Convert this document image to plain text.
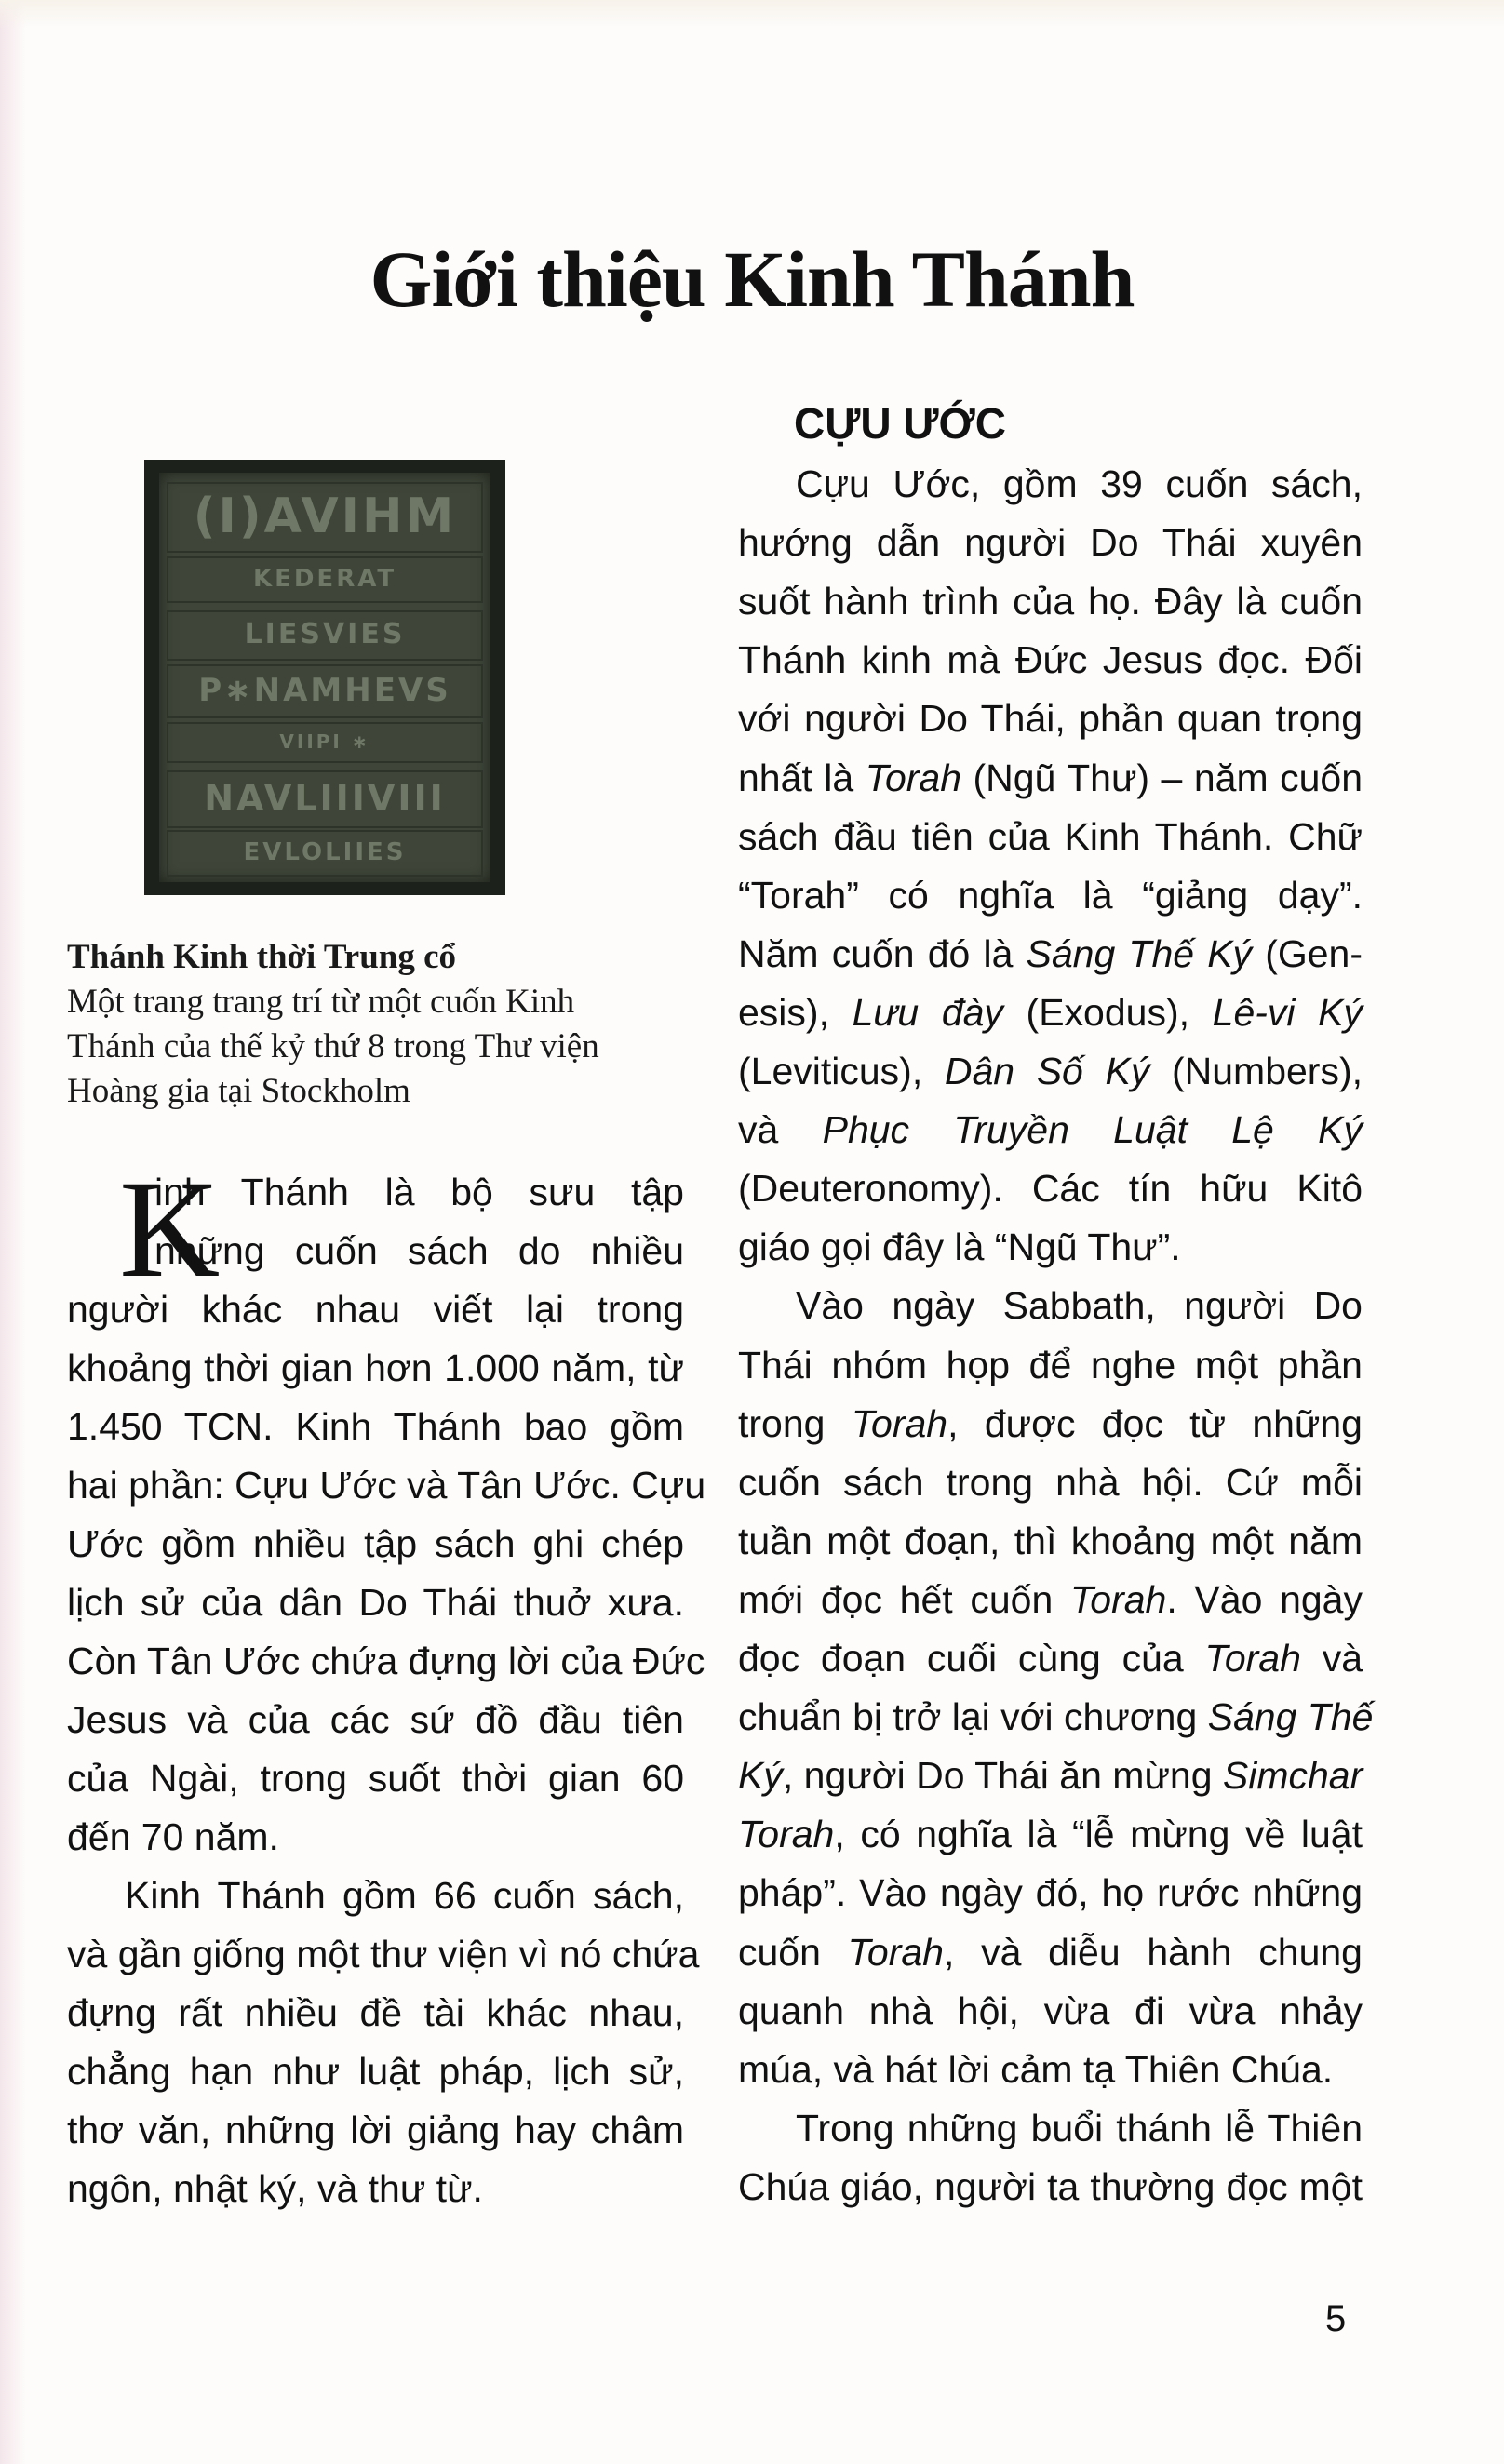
Giới thiệu Kinh Thánh
(I)AVIHM
KEDERAT
LIESVIES
P∗NAMHEVS
VIIPI ∗
NAVLIIIVIII
EVLOLIIES
Thánh Kinh thời Trung cổ
Một trang trang trí từ một cuốn Kinh
Thánh của thế kỷ thứ 8 trong Thư viện
Hoàng gia tại Stockholm
K
inh Thánh là bộ sưu tập
những cuốn sách do nhiều
người khác nhau viết lại trong
khoảng thời gian hơn 1.000 năm, từ
1.450 TCN. Kinh Thánh bao gồm
hai phần: Cựu Ước và Tân Ước. Cựu
Ước gồm nhiều tập sách ghi chép
lịch sử của dân Do Thái thuở xưa.
Còn Tân Ước chứa đựng lời của Đức
Jesus và của các sứ đồ đầu tiên
của Ngài, trong suốt thời gian 60
đến 70 năm.
Kinh Thánh gồm 66 cuốn sách,
và gần giống một thư viện vì nó chứa
đựng rất nhiều đề tài khác nhau,
chẳng hạn như luật pháp, lịch sử,
thơ văn, những lời giảng hay châm
ngôn, nhật ký, và thư từ.
CỰU ƯỚC
Cựu Ước, gồm 39 cuốn sách,
hướng dẫn người Do Thái xuyên
suốt hành trình của họ. Đây là cuốn
Thánh kinh mà Đức Jesus đọc. Đối
với người Do Thái, phần quan trọng
nhất là Torah (Ngũ Thư) – năm cuốn
sách đầu tiên của Kinh Thánh. Chữ
“Torah” có nghĩa là “giảng dạy”.
Năm cuốn đó là Sáng Thế Ký (Gen-
esis), Lưu đày (Exodus), Lê-vi Ký
(Leviticus), Dân Số Ký (Numbers),
và Phục Truyền Luật Lệ Ký
(Deuteronomy). Các tín hữu Kitô
giáo gọi đây là “Ngũ Thư”.
Vào ngày Sabbath, người Do
Thái nhóm họp để nghe một phần
trong Torah, được đọc từ những
cuốn sách trong nhà hội. Cứ mỗi
tuần một đoạn, thì khoảng một năm
mới đọc hết cuốn Torah. Vào ngày
đọc đoạn cuối cùng của Torah và
chuẩn bị trở lại với chương Sáng Thế
Ký, người Do Thái ăn mừng Simchar
Torah, có nghĩa là “lễ mừng về luật
pháp”. Vào ngày đó, họ rước những
cuốn Torah, và diễu hành chung
quanh nhà hội, vừa đi vừa nhảy
múa, và hát lời cảm tạ Thiên Chúa.
Trong những buổi thánh lễ Thiên
Chúa giáo, người ta thường đọc một
5
